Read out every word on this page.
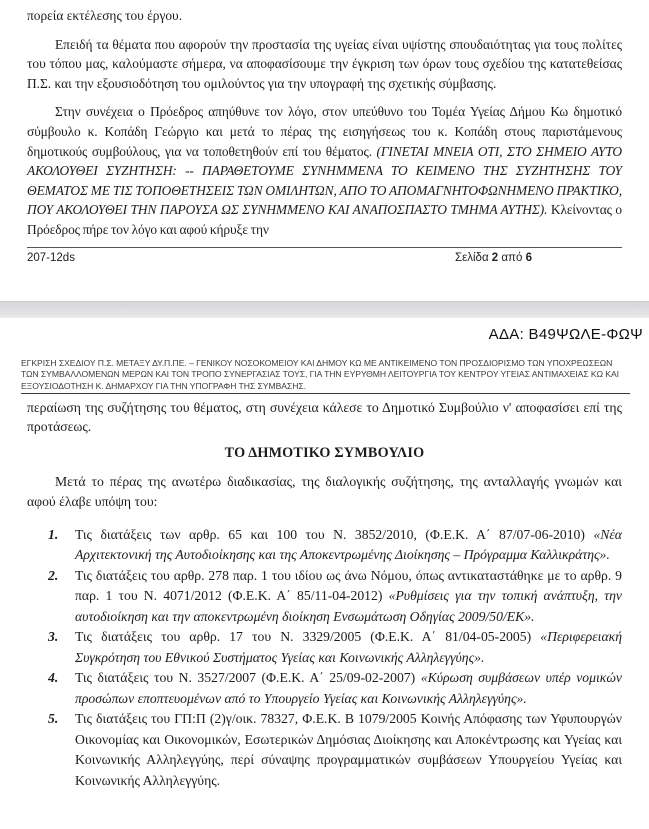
πορεία εκτέλεσης του έργου.

Επειδή τα θέματα που αφορούν την προστασία της υγείας είναι υψίστης σπουδαιότητας για τους πολίτες του τόπου μας, καλούμαστε σήμερα, να αποφασίσουμε την έγκριση των όρων τους σχεδίου της κατατεθείσας Π.Σ. και την εξουσιοδότηση του ομιλούντος για την υπογραφή της σχετικής σύμβασης.

Στην συνέχεια ο Πρόεδρος απηύθυνε τον λόγο, στον υπεύθυνο του Τομέα Υγείας Δήμου Κω δημοτικό σύμβουλο κ. Κοπάδη Γεώργιο και μετά το πέρας της εισηγήσεως του κ. Κοπάδη στους παριστάμενους δημοτικούς συμβούλους, για να τοποθετηθούν επί του θέματος. (ΓΙΝΕΤΑΙ ΜΝΕΙΑ ΟΤΙ, ΣΤΟ ΣΗΜΕΙΟ ΑΥΤΟ ΑΚΟΛΟΥΘΕΙ ΣΥΖΗΤΗΣΗ: -- ΠΑΡΑΘΕΤΟΥΜΕ ΣΥΝΗΜΜΕΝΑ ΤΟ ΚΕΙΜΕΝΟ ΤΗΣ ΣΥΖΗΤΗΣΗΣ ΤΟΥ ΘΕΜΑΤΟΣ ΜΕ ΤΙΣ ΤΟΠΟΘΕΤΗΣΕΙΣ ΤΩΝ ΟΜΙΛΗΤΩΝ, ΑΠΟ ΤΟ ΑΠΟΜΑΓΝΗΤΟΦΩΝΗΜΕΝΟ ΠΡΑΚΤΙΚΟ, ΠΟΥ ΑΚΟΛΟΥΘΕΙ ΤΗΝ ΠΑΡΟΥΣΑ ΩΣ ΣΥΝΗΜΜΕΝΟ ΚΑΙ ΑΝΑΠΟΣΠΑΣΤΟ ΤΜΗΜΑ ΑΥΤΗΣ). Κλείνοντας ο Πρόεδρος πήρε τον λόγο και αφού κήρυξε την

207-12ds	Σελίδα 2 από 6
ΑΔΑ: Β49ΨΩΛΕ-ΦΩΨ
ΕΓΚΡΙΣΗ ΣΧΕΔΙΟΥ Π.Σ. ΜΕΤΑΞΥ ΔΥ.Π.ΠΕ. – ΓΕΝΙΚΟΥ ΝΟΣΟΚΟΜΕΙΟΥ ΚΑΙ ΔΗΜΟΥ ΚΩ ΜΕ ΑΝΤΙΚΕΙΜΕΝΟ ΤΟΝ ΠΡΟΣΔΙΟΡΙΣΜΟ ΤΩΝ ΥΠΟΧΡΕΩΣΕΩΝ ΤΩΝ ΣΥΜΒΑΛΛΟΜΕΝΩΝ ΜΕΡΩΝ ΚΑΙ ΤΟΝ ΤΡΟΠΟ ΣΥΝΕΡΓΑΣΙΑΣ ΤΟΥΣ, ΓΙΑ ΤΗΝ ΕΥΡΥΘΜΗ ΛΕΙΤΟΥΡΓΙΑ ΤΟΥ ΚΕΝΤΡΟΥ ΥΓΕΙΑΣ ΑΝΤΙΜΑΧΕΙΑΣ ΚΩ ΚΑΙ ΕΞΟΥΣΙΟΔΟΤΗΣΗ Κ. ΔΗΜΑΡΧΟΥ ΓΙΑ ΤΗΝ ΥΠΟΓΡΑΦΗ ΤΗΣ ΣΥΜΒΑΣΗΣ.

περαίωση της συζήτησης του θέματος, στη συνέχεια κάλεσε το Δημοτικό Συμβούλιο ν' αποφασίσει επί της προτάσεως.

ΤΟ ΔΗΜΟΤΙΚΟ ΣΥΜΒΟΥΛΙΟ

Μετά το πέρας της ανωτέρω διαδικασίας, της διαλογικής συζήτησης, της ανταλλαγής γνωμών και αφού έλαβε υπόψη του:

1. Τις διατάξεις των αρθρ. 65 και 100 του Ν. 3852/2010, (Φ.Ε.Κ. Α΄ 87/07-06-2010) «Νέα Αρχιτεκτονική της Αυτοδιοίκησης και της Αποκεντρωμένης Διοίκησης – Πρόγραμμα Καλλικράτης».
2. Τις διατάξεις του αρθρ. 278 παρ. 1 του ιδίου ως άνω Νόμου, όπως αντικαταστάθηκε με το αρθρ. 9 παρ. 1 του Ν. 4071/2012 (Φ.Ε.Κ. Α΄ 85/11-04-2012) «Ρυθμίσεις για την τοπική ανάπτυξη, την αυτοδιοίκηση και την αποκεντρωμένη διοίκηση Ενσωμάτωση Οδηγίας 2009/50/ΕΚ».
3. Τις διατάξεις του αρθρ. 17 του Ν. 3329/2005 (Φ.Ε.Κ. Α΄ 81/04-05-2005) «Περιφερειακή Συγκρότηση του Εθνικού Συστήματος Υγείας και Κοινωνικής Αλληλεγγύης».
4. Τις διατάξεις του Ν. 3527/2007 (Φ.Ε.Κ. Α΄ 25/09-02-2007) «Κύρωση συμβάσεων υπέρ νομικών προσώπων εποπτευομένων από το Υπουργείο Υγείας και Κοινωνικής Αλληλεγγύης».
5. Τις διατάξεις του ΓΠ:Π (2)γ/οικ. 78327, Φ.Ε.Κ. Β 1079/2005 Κοινής Απόφασης των Υφυπουργών Οικονομίας και Οικονομικών, Εσωτερικών Δημόσιας Διοίκησης και Αποκέντρωσης και Υγείας και Κοινωνικής Αλληλεγγύης, περί σύναψης προγραμματικών συμβάσεων Υπουργείου Υγείας και Κοινωνικής Αλληλεγγύης.
